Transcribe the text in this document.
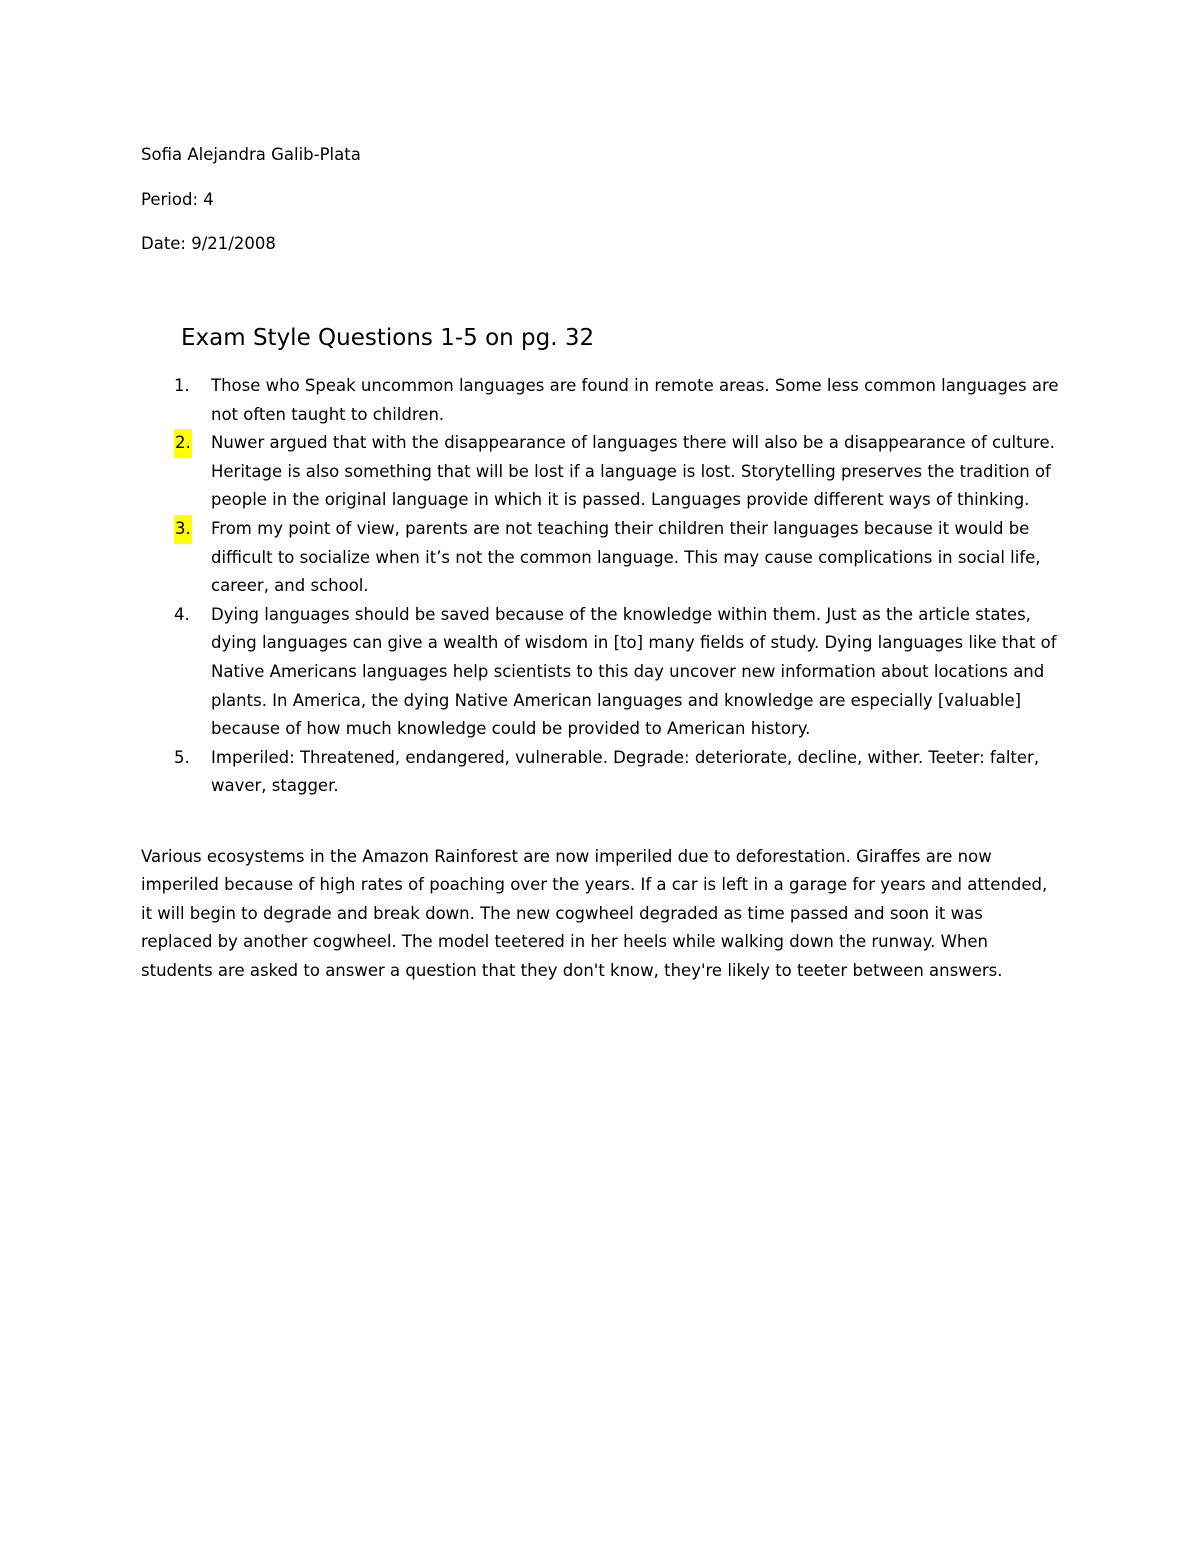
Sofia Alejandra Galib-Plata
Period: 4
Date: 9/21/2008
Exam Style Questions 1-5 on pg. 32
1. Those who Speak uncommon languages are found in remote areas. Some less common languages are not often taught to children.
2. Nuwer argued that with the disappearance of languages there will also be a disappearance of culture. Heritage is also something that will be lost if a language is lost. Storytelling preserves the tradition of people in the original language in which it is passed. Languages provide different ways of thinking.
3. From my point of view, parents are not teaching their children their languages because it would be difficult to socialize when it’s not the common language. This may cause complications in social life, career, and school.
4. Dying languages should be saved because of the knowledge within them. Just as the article states, dying languages can give a wealth of wisdom in [to] many fields of study. Dying languages like that of Native Americans languages help scientists to this day uncover new information about locations and plants. In America, the dying Native American languages and knowledge are especially [valuable] because of how much knowledge could be provided to American history.
5. Imperiled: Threatened, endangered, vulnerable. Degrade: deteriorate, decline, wither. Teeter: falter, waver, stagger.

Various ecosystems in the Amazon Rainforest are now imperiled due to deforestation. Giraffes are now imperiled because of high rates of poaching over the years. If a car is left in a garage for years and attended, it will begin to degrade and break down. The new cogwheel degraded as time passed and soon it was replaced by another cogwheel. The model teetered in her heels while walking down the runway. When students are asked to answer a question that they don't know, they're likely to teeter between answers.
